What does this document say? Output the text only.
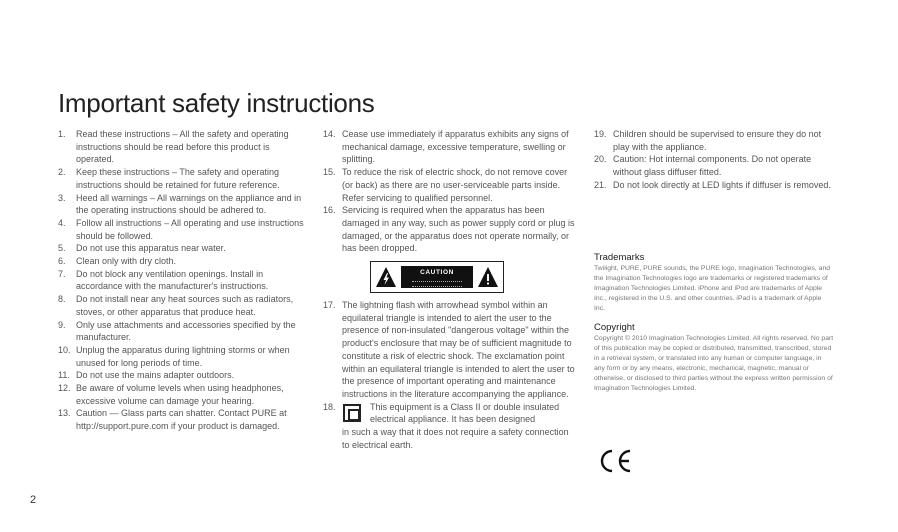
Important safety instructions
1. Read these instructions – All the safety and operating instructions should be read before this product is operated.
2. Keep these instructions – The safety and operating instructions should be retained for future reference.
3. Heed all warnings – All warnings on the appliance and in the operating instructions should be adhered to.
4. Follow all instructions – All operating and use instructions should be followed.
5. Do not use this apparatus near water.
6. Clean only with dry cloth.
7. Do not block any ventilation openings. Install in accordance with the manufacturer's instructions.
8. Do not install near any heat sources such as radiators, stoves, or other apparatus that produce heat.
9. Only use attachments and accessories specified by the manufacturer.
10. Unplug the apparatus during lightning storms or when unused for long periods of time.
11. Do not use the mains adapter outdoors.
12. Be aware of volume levels when using headphones, excessive volume can damage your hearing.
13. Caution — Glass parts can shatter. Contact PURE at http://support.pure.com if your product is damaged.
14. Cease use immediately if apparatus exhibits any signs of mechanical damage, excessive temperature, swelling or splitting.
15. To reduce the risk of electric shock, do not remove cover (or back) as there are no user-serviceable parts inside. Refer servicing to qualified personnel.
16. Servicing is required when the apparatus has been damaged in any way, such as power supply cord or plug is damaged, or the apparatus does not operate normally, or has been dropped.
CAUTION
17. The lightning flash with arrowhead symbol within an equilateral triangle is intended to alert the user to the presence of non-insulated "dangerous voltage" within the product's enclosure that may be of sufficient magnitude to constitute a risk of electric shock. The exclamation point within an equilateral triangle is intended to alert the user to the presence of important operating and maintenance instructions in the literature accompanying the appliance.
18.	This equipment is a Class II or double insulated electrical appliance. It has been designed
in such a way that it does not require a safety connection to electrical earth.
19. Children should be supervised to ensure they do not play with the appliance.
20. Caution: Hot internal components. Do not operate without glass diffuser fitted.
21. Do not look directly at LED lights if diffuser is removed.
Trademarks

Twilight, PURE, PURE sounds, the PURE logo, Imagination Technologies, and the Imagination Technologies logo are trademarks or registered trademarks of Imagination Technologies Limited. iPhone and iPod are trademarks of Apple Inc., registered in the U.S. and other countries. iPad is a trademark of Apple Inc.

Copyright

Copyright © 2010 Imagination Technologies Limited. All rights reserved. No part of this publication may be copied or distributed, transmitted, transcribed, stored in a retrieval system, or translated into any human or computer language, in any form or by any means, electronic, mechanical, magnetic, manual or otherwise, or disclosed to third parties without the express written permission of Imagination Technologies Limited.

2
